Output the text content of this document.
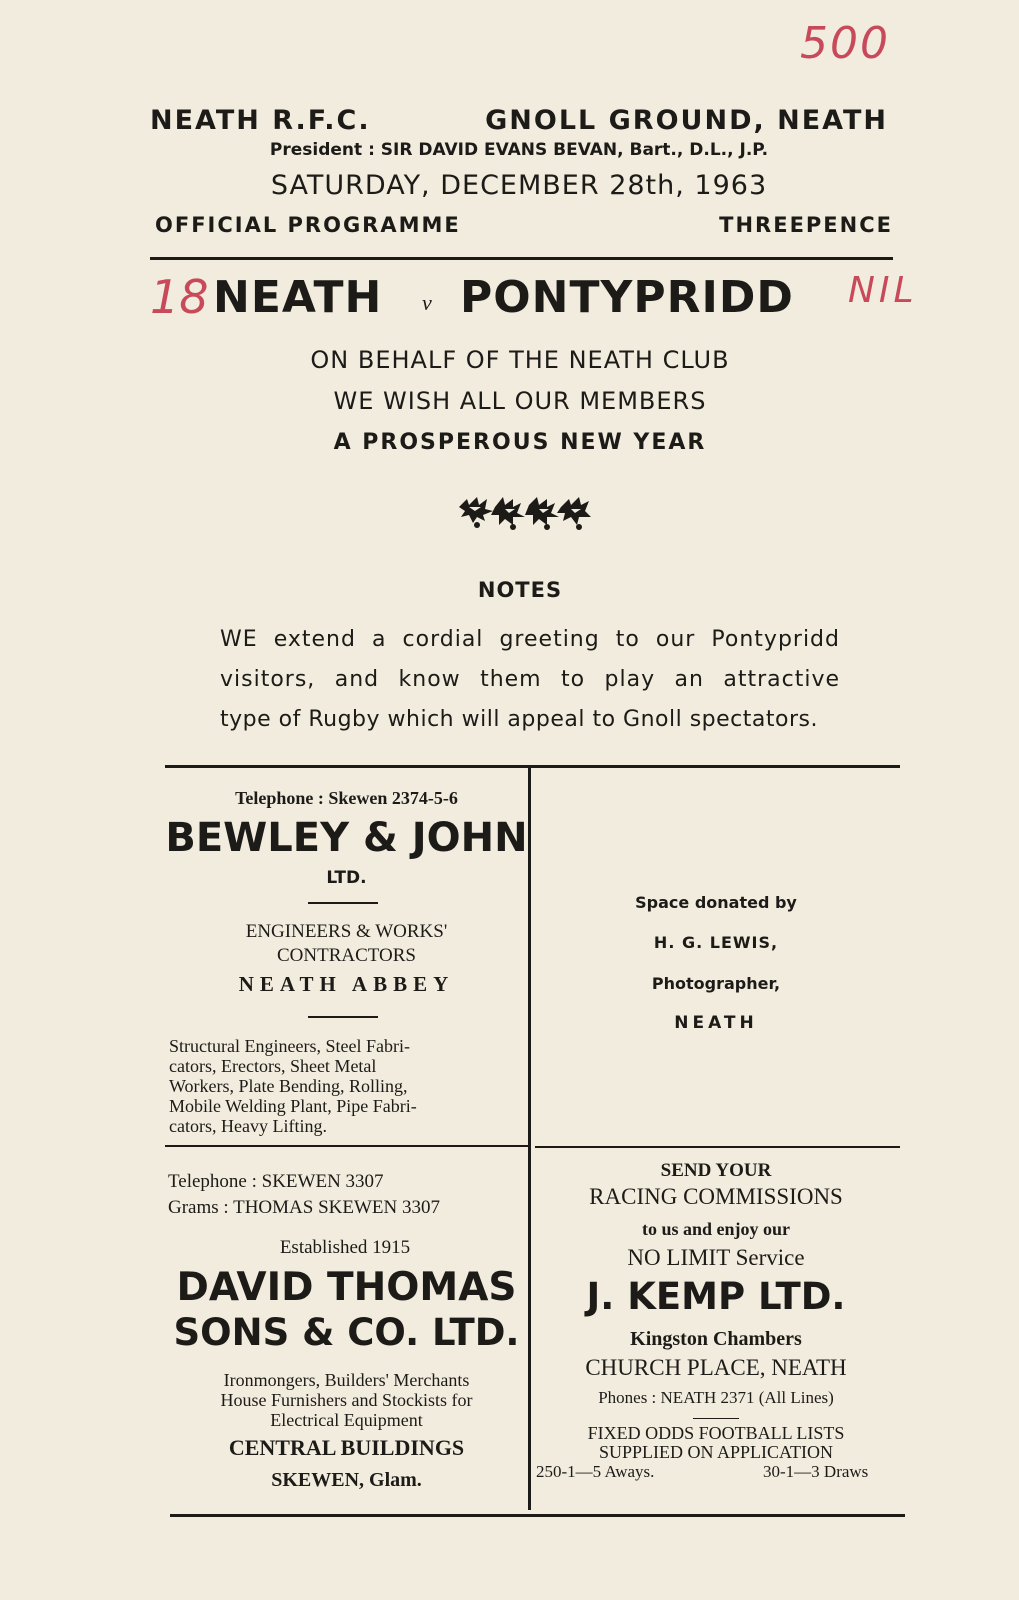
500
18	NIL
NEATH R.F.C.	GNOLL GROUND, NEATH
President : SIR DAVID EVANS BEVAN, Bart., D.L., J.P.
SATURDAY, DECEMBER 28th, 1963
OFFICIAL PROGRAMME	THREEPENCE
NEATH v PONTYPRIDD
ON BEHALF OF THE NEATH CLUB
WE WISH ALL OUR MEMBERS
A PROSPEROUS NEW YEAR
NOTES
WE extend a cordial greeting to our Pontypridd
visitors, and know them to play an attractive
type of Rugby which will appeal to Gnoll spectators.
Telephone : Skewen 2374-5-6
BEWLEY & JOHN
LTD.
ENGINEERS & WORKS'
CONTRACTORS
NEATH ABBEY
Structural Engineers, Steel Fabri-
cators, Erectors, Sheet Metal
Workers, Plate Bending, Rolling,
Mobile Welding Plant, Pipe Fabri-
cators, Heavy Lifting.
Space donated by
H. G. LEWIS,
Photographer,
NEATH
Telephone : SKEWEN 3307
Grams : THOMAS SKEWEN 3307
Established 1915
DAVID THOMAS
SONS & CO. LTD.
Ironmongers, Builders' Merchants
House Furnishers and Stockists for
Electrical Equipment
CENTRAL BUILDINGS
SKEWEN, Glam.
SEND YOUR
RACING COMMISSIONS
to us and enjoy our
NO LIMIT Service
J. KEMP LTD.
Kingston Chambers
CHURCH PLACE, NEATH
Phones : NEATH 2371 (All Lines)
FIXED ODDS FOOTBALL LISTS
SUPPLIED ON APPLICATION
250-1—5 Aways.	30-1—3 Draws
